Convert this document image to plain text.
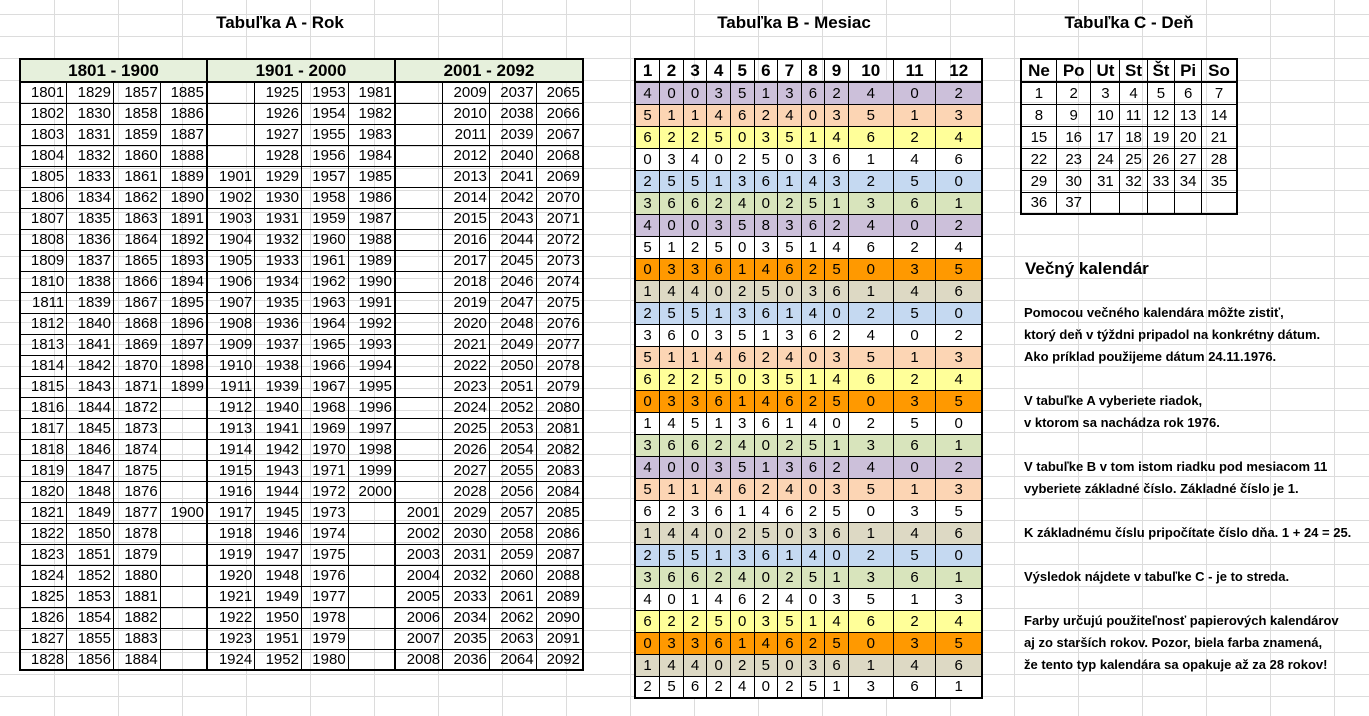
Tabuľka A - Rok	Tabuľka B - Mesiac	Tabuľka C - Deň
1801 - 1900				1901 - 2000				2001 - 2092			
1801	1829	1857	1885		1925	1953	1981		2009	2037	2065
1802	1830	1858	1886		1926	1954	1982		2010	2038	2066
1803	1831	1859	1887		1927	1955	1983		2011	2039	2067
1804	1832	1860	1888		1928	1956	1984		2012	2040	2068
1805	1833	1861	1889	1901	1929	1957	1985		2013	2041	2069
1806	1834	1862	1890	1902	1930	1958	1986		2014	2042	2070
1807	1835	1863	1891	1903	1931	1959	1987		2015	2043	2071
1808	1836	1864	1892	1904	1932	1960	1988		2016	2044	2072
1809	1837	1865	1893	1905	1933	1961	1989		2017	2045	2073
1810	1838	1866	1894	1906	1934	1962	1990		2018	2046	2074
1811	1839	1867	1895	1907	1935	1963	1991		2019	2047	2075
1812	1840	1868	1896	1908	1936	1964	1992		2020	2048	2076
1813	1841	1869	1897	1909	1937	1965	1993		2021	2049	2077
1814	1842	1870	1898	1910	1938	1966	1994		2022	2050	2078
1815	1843	1871	1899	1911	1939	1967	1995		2023	2051	2079
1816	1844	1872		1912	1940	1968	1996		2024	2052	2080
1817	1845	1873		1913	1941	1969	1997		2025	2053	2081
1818	1846	1874		1914	1942	1970	1998		2026	2054	2082
1819	1847	1875		1915	1943	1971	1999		2027	2055	2083
1820	1848	1876		1916	1944	1972	2000		2028	2056	2084
1821	1849	1877	1900	1917	1945	1973		2001	2029	2057	2085
1822	1850	1878		1918	1946	1974		2002	2030	2058	2086
1823	1851	1879		1919	1947	1975		2003	2031	2059	2087
1824	1852	1880		1920	1948	1976		2004	2032	2060	2088
1825	1853	1881		1921	1949	1977		2005	2033	2061	2089
1826	1854	1882		1922	1950	1978		2006	2034	2062	2090
1827	1855	1883		1923	1951	1979		2007	2035	2063	2091
1828	1856	1884		1924	1952	1980		2008	2036	2064	2092
1	2	3	4	5	6	7	8	9	10	11	12
4	0	0	3	5	1	3	6	2	4	0	2
5	1	1	4	6	2	4	0	3	5	1	3
6	2	2	5	0	3	5	1	4	6	2	4
0	3	4	0	2	5	0	3	6	1	4	6
2	5	5	1	3	6	1	4	3	2	5	0
3	6	6	2	4	0	2	5	1	3	6	1
4	0	0	3	5	8	3	6	2	4	0	2
5	1	2	5	0	3	5	1	4	6	2	4
0	3	3	6	1	4	6	2	5	0	3	5
1	4	4	0	2	5	0	3	6	1	4	6
2	5	5	1	3	6	1	4	0	2	5	0
3	6	0	3	5	1	3	6	2	4	0	2
5	1	1	4	6	2	4	0	3	5	1	3
6	2	2	5	0	3	5	1	4	6	2	4
0	3	3	6	1	4	6	2	5	0	3	5
1	4	5	1	3	6	1	4	0	2	5	0
3	6	6	2	4	0	2	5	1	3	6	1
4	0	0	3	5	1	3	6	2	4	0	2
5	1	1	4	6	2	4	0	3	5	1	3
6	2	3	6	1	4	6	2	5	0	3	5
1	4	4	0	2	5	0	3	6	1	4	6
2	5	5	1	3	6	1	4	0	2	5	0
3	6	6	2	4	0	2	5	1	3	6	1
4	0	1	4	6	2	4	0	3	5	1	3
6	2	2	5	0	3	5	1	4	6	2	4
0	3	3	6	1	4	6	2	5	0	3	5
1	4	4	0	2	5	0	3	6	1	4	6
2	5	6	2	4	0	2	5	1	3	6	1
Ne	Po	Ut	St	Št	Pi	So
1	2	3	4	5	6	7
8	9	10	11	12	13	14
15	16	17	18	19	20	21
22	23	24	25	26	27	28
29	30	31	32	33	34	35
36	37					
Večný kalendár
Pomocou večného kalendára môžte zistiť,
ktorý deň v týždni pripadol na konkrétny dátum.
Ako príklad použijeme dátum 24.11.1976.
V tabuľke A vyberiete riadok,
v ktorom sa nachádza rok 1976.
V tabuľke B v tom istom riadku pod mesiacom 11
vyberiete základné číslo. Základné číslo je 1.
K základnému číslu pripočítate číslo dňa. 1 + 24 = 25.
Výsledok nájdete v tabuľke C - je to streda.
Farby určujú použiteľnosť papierových kalendárov
aj zo starších rokov. Pozor, biela farba znamená,
že tento typ kalendára sa opakuje až za 28 rokov!
